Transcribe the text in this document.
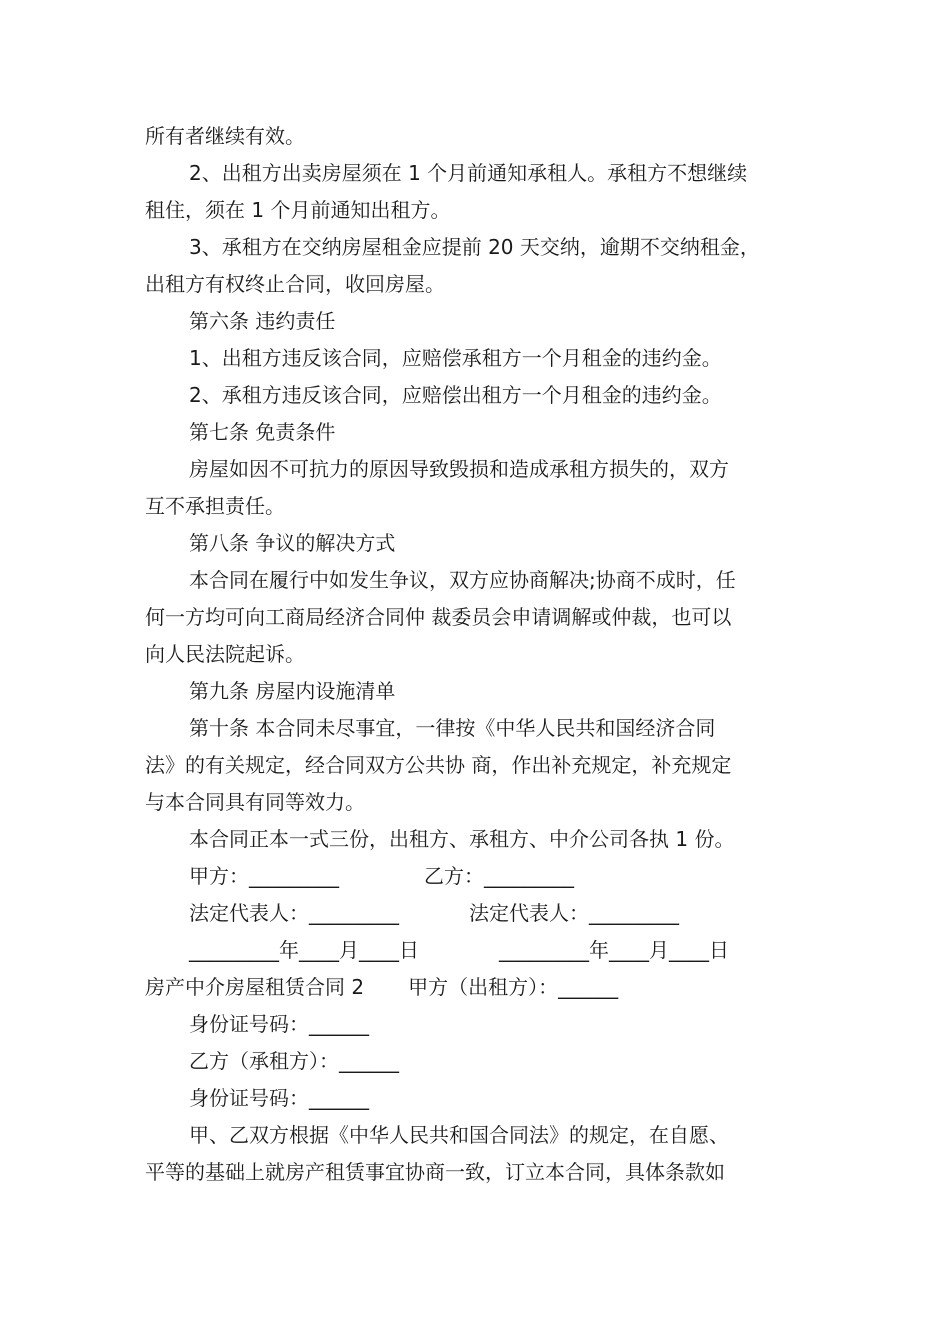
所有者继续有效。

2、出租方出卖房屋须在 1 个月前通知承租人。承租方不想继续

租住，须在 1 个月前通知出租方。

3、承租方在交纳房屋租金应提前 20 天交纳，逾期不交纳租金，

出租方有权终止合同，收回房屋。

第六条 违约责任

1、出租方违反该合同，应赔偿承租方一个月租金的违约金。

2、承租方违反该合同，应赔偿出租方一个月租金的违约金。

第七条 免责条件

房屋如因不可抗力的原因导致毁损和造成承租方损失的，双方

互不承担责任。

第八条 争议的解决方式

本合同在履行中如发生争议，双方应协商解决;协商不成时，任

何一方均可向工商局经济合同仲 裁委员会申请调解或仲裁，也可以

向人民法院起诉。

第九条 房屋内设施清单

第十条 本合同未尽事宜，一律按《中华人民共和国经济合同

法》的有关规定，经合同双方公共协 商，作出补充规定，补充规定

与本合同具有同等效力。

本合同正本一式三份，出租方、承租方、中介公司各执 1 份。

甲方：_________	乙方：_________

法定代表人：_________	法定代表人：_________

_________年____月____日	_________年____月____日

房产中介房屋租赁合同 2 甲方（出租方）：______

身份证号码：______

乙方（承租方）：______

身份证号码：______

甲、乙双方根据《中华人民共和国合同法》的规定，在自愿、

平等的基础上就房产租赁事宜协商一致，订立本合同，具体条款如
